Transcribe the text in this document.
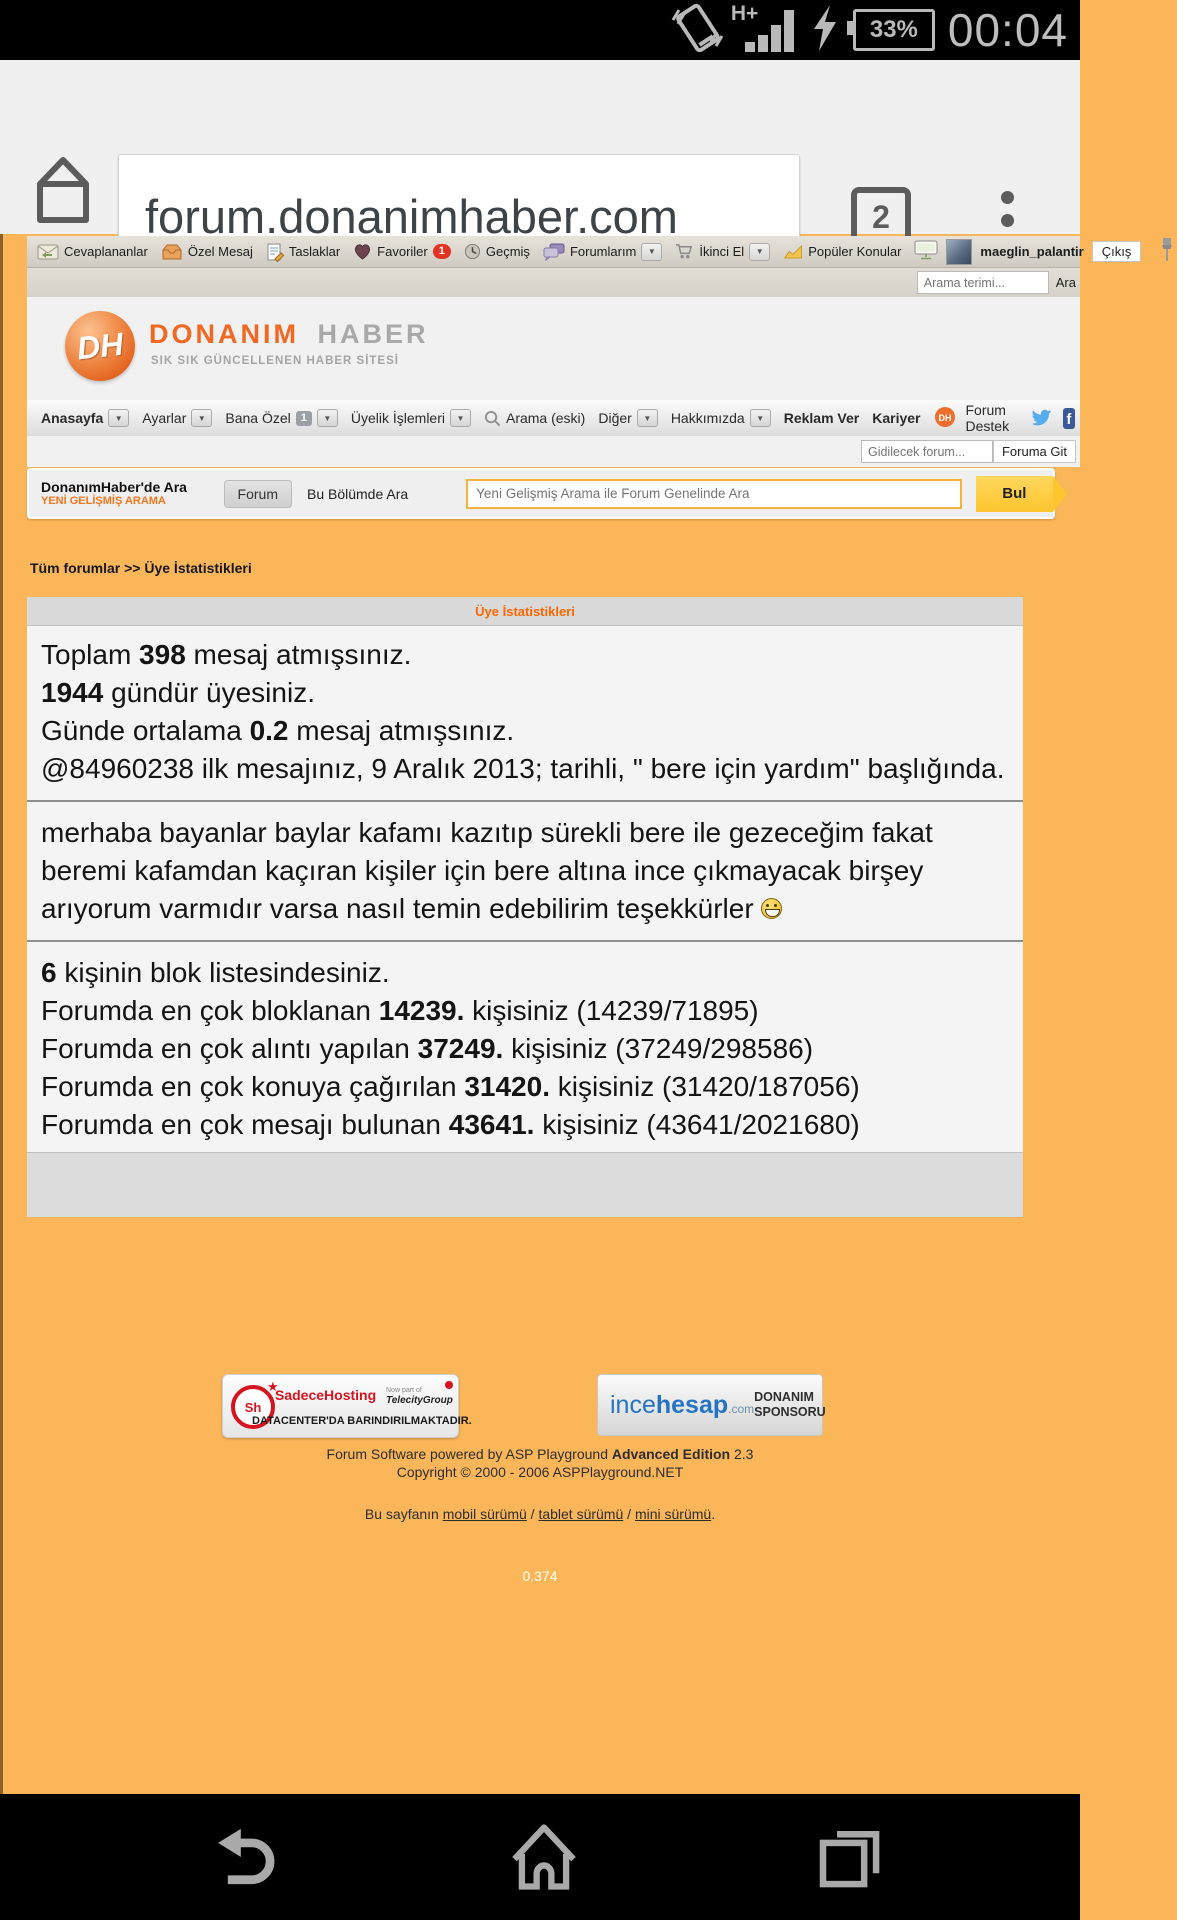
H+
33% 00:04
forum.donanimhaber.com
2
Cevaplananlar	Özel Mesaj	Taslaklar	Favoriler	1	Geçmiş	Forumlarım	▼	İkinci El	▼	Popüler Konular	maeglin_palantir	Çıkış
Arama terimi...
Ara
DH DONANIM HABER
SIK SIK GÜNCELLENEN HABER SİTESİ
Anasayfa	▼	Ayarlar	▼	Bana Özel 1	▼	Üyelik İşlemleri	▼	Arama (eski) Diğer	▼	Hakkımızda	▼	Reklam Ver Kariyer DH Forum Destek	f
Gidilecek forum...
Foruma Git
DonanımHaber'de Ara
YENİ GELİŞMİŞ ARAMA	Forum	Bu Bölümde Ara
Yeni Gelişmiş Arama ile Forum Genelinde Ara	Bul
Tüm forumlar >> Üye İstatistikleri
Üye İstatistikleri
Toplam 398 mesaj atmışsınız.
1944 gündür üyesiniz.
Günde ortalama 0.2 mesaj atmışsınız.
@84960238 ilk mesajınız, 9 Aralık 2013; tarihli, " bere için yardım" başlığında.
merhaba bayanlar baylar kafamı kazıtıp sürekli bere ile gezeceğim fakat beremi kafamdan kaçıran kişiler için bere altına ince çıkmayacak birşey arıyorum varmıdır varsa nasıl temin edebilirim teşekkürler
6 kişinin blok listesindesiniz.
Forumda en çok bloklanan 14239. kişisiniz (14239/71895)
Forumda en çok alıntı yapılan 37249. kişisiniz (37249/298586)
Forumda en çok konuya çağırılan 31420. kişisiniz (31420/187056)
Forumda en çok mesajı bulunan 43641. kişisiniz (43641/2021680)
Sh
★
SadeceHosting Now part of
TelecityGroup
DATACENTER'DA BARINDIRILMAKTADIR.
incehesap.com
DONANIM
SPONSORU
Forum Software powered by ASP Playground Advanced Edition 2.3
Copyright © 2000 - 2006 ASPPlayground.NET
Bu sayfanın mobil sürümü / tablet sürümü / mini sürümü.
0.374
